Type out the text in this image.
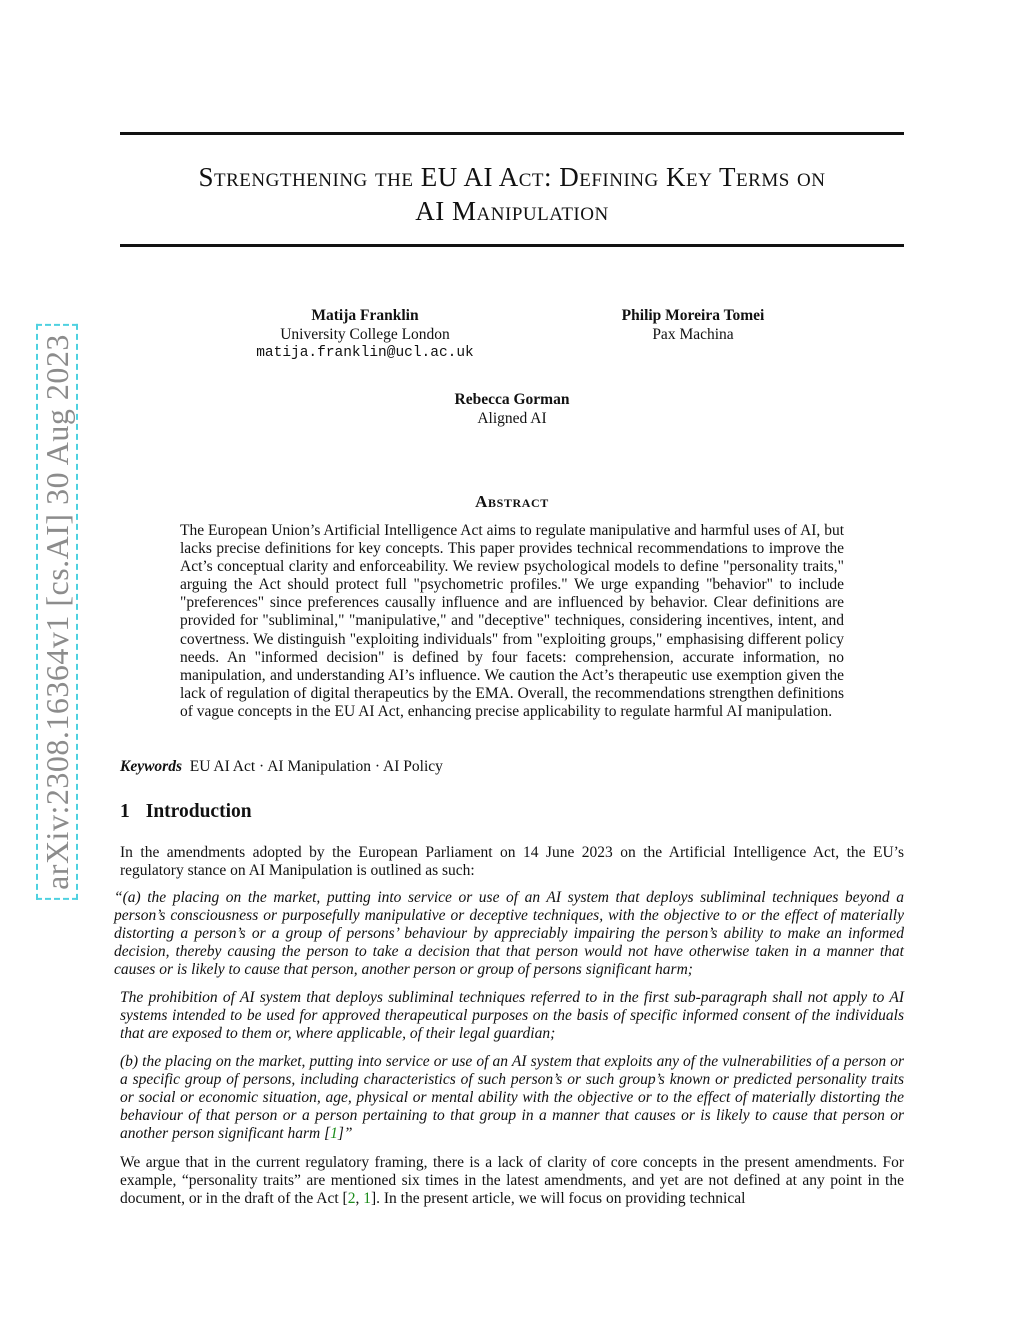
arXiv:2308.16364v1 [cs.AI] 30 Aug 2023
Strengthening the EU AI Act: Defining Key Terms on
AI Manipulation
Matija Franklin
University College London
matija.franklin@ucl.ac.uk
Philip Moreira Tomei
Pax Machina
Rebecca Gorman
Aligned AI
Abstract
The European Union’s Artificial Intelligence Act aims to regulate manipulative and harmful uses of AI, but lacks precise definitions for key concepts. This paper provides technical recommendations to improve the Act’s conceptual clarity and enforceability. We review psychological models to define "personality traits," arguing the Act should protect full "psychometric profiles." We urge expanding "behavior" to include "preferences" since preferences causally influence and are influenced by behavior. Clear definitions are provided for "subliminal," "manipulative," and "deceptive" techniques, considering incentives, intent, and covertness. We distinguish "exploiting individuals" from "exploiting groups," emphasising different policy needs. An "informed decision" is defined by four facets: comprehension, accurate information, no manipulation, and understanding AI’s influence. We caution the Act’s therapeutic use exemption given the lack of regulation of digital therapeutics by the EMA. Overall, the recommendations strengthen definitions of vague concepts in the EU AI Act, enhancing precise applicability to regulate harmful AI manipulation.
Keywords EU AI Act · AI Manipulation · AI Policy
1 Introduction
In the amendments adopted by the European Parliament on 14 June 2023 on the Artificial Intelligence Act, the EU’s regulatory stance on AI Manipulation is outlined as such:
“(a) the placing on the market, putting into service or use of an AI system that deploys subliminal techniques beyond a person’s consciousness or purposefully manipulative or deceptive techniques, with the objective to or the effect of materially distorting a person’s or a group of persons’ behaviour by appreciably impairing the person’s ability to make an informed decision, thereby causing the person to take a decision that that person would not have otherwise taken in a manner that causes or is likely to cause that person, another person or group of persons significant harm;
The prohibition of AI system that deploys subliminal techniques referred to in the first sub-paragraph shall not apply to AI systems intended to be used for approved therapeutical purposes on the basis of specific informed consent of the individuals that are exposed to them or, where applicable, of their legal guardian;
(b) the placing on the market, putting into service or use of an AI system that exploits any of the vulnerabilities of a person or a specific group of persons, including characteristics of such person’s or such group’s known or predicted personality traits or social or economic situation, age, physical or mental ability with the objective or to the effect of materially distorting the behaviour of that person or a person pertaining to that group in a manner that causes or is likely to cause that person or another person significant harm [1]”
We argue that in the current regulatory framing, there is a lack of clarity of core concepts in the present amendments. For example, “personality traits” are mentioned six times in the latest amendments, and yet are not defined at any point in the document, or in the draft of the Act [2, 1]. In the present article, we will focus on providing technical
